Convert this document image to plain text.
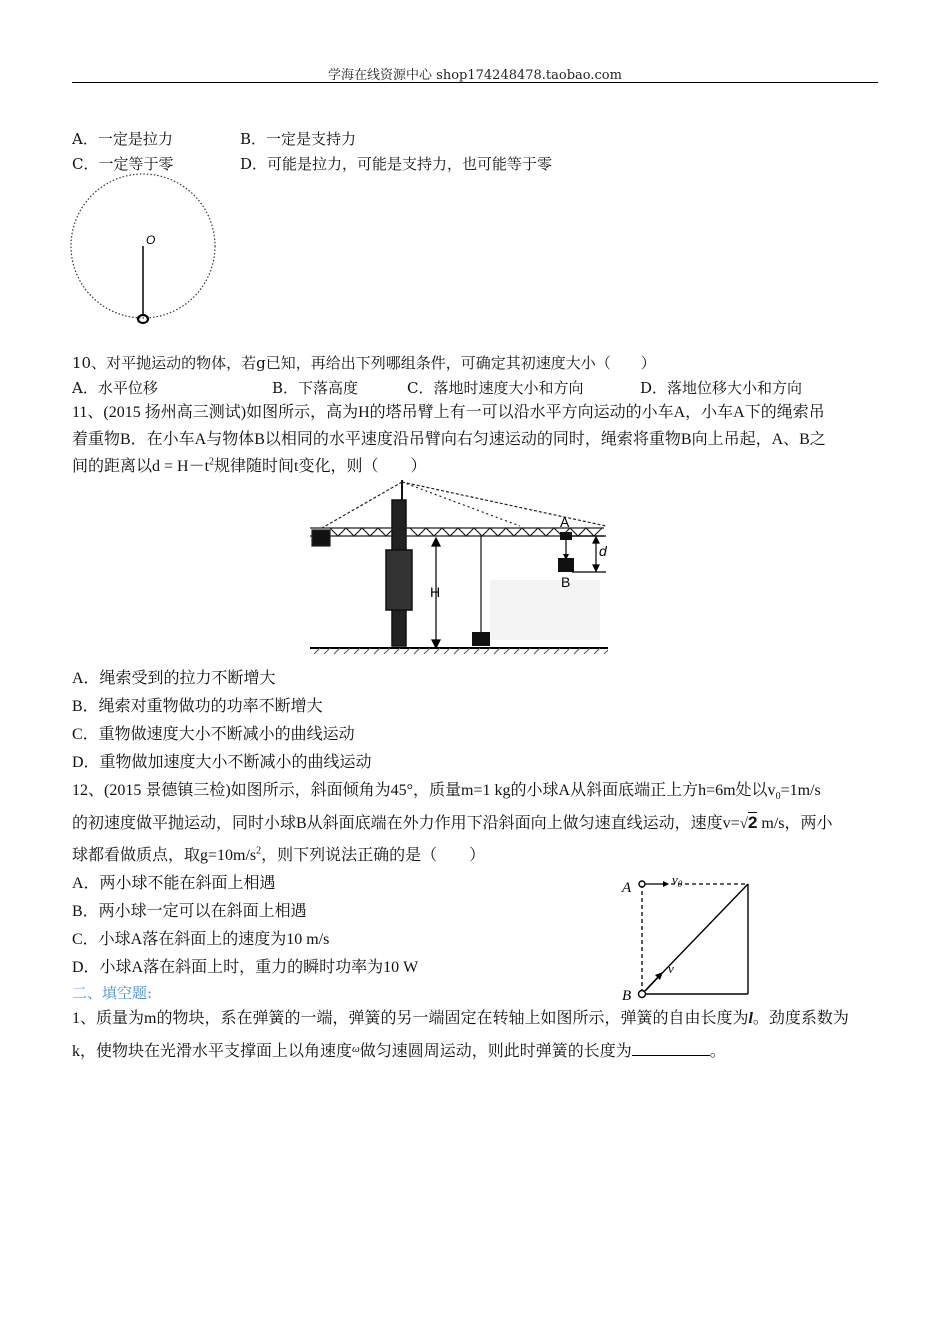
学海在线资源中心 shop174248478.taobao.com
A．一定是拉力	B．一定是支持力
C．一定等于零	D．可能是拉力，可能是支持力，也可能等于零
O
10、对平抛运动的物体，若g已知，再给出下列哪组条件，可确定其初速度大小（　　）
A．水平位移	B．下落高度	C．落地时速度大小和方向	D．落地位移大小和方向
11、(2015 扬州高三测试)如图所示，高为H的塔吊臂上有一可以沿水平方向运动的小车A，小车A下的绳索吊
着重物B．在小车A与物体B以相同的水平速度沿吊臂向右匀速运动的同时，绳索将重物B向上吊起，A、B之
间的距离以$d = H-t^2$规律随时间t变化，则（　　）
H
A
B
d
A．绳索受到的拉力不断增大
B．绳索对重物做功的功率不断增大
C．重物做速度大小不断减小的曲线运动
D．重物做加速度大小不断减小的曲线运动
12、(2015 景德镇三检)如图所示，斜面倾角为45°，质量m=1 kg的小球A从斜面底端正上方h=6m处以$v_0=1m/s$
的初速度做平抛运动，同时小球B从斜面底端在外力作用下沿斜面向上做匀速直线运动，速度v=√2 m/s，两小
球都看做质点，取$g=10m/s^2$，则下列说法正确的是（　　）
A．两小球不能在斜面上相遇
B．两小球一定可以在斜面上相遇
C．小球A落在斜面上的速度为10 m/s
D．小球A落在斜面上时，重力的瞬时功率为10 W
A
B
$v_0$
v
二、填空题:
1、质量为m的物块，系在弹簧的一端，弹簧的另一端固定在转轴上如图所示，弹簧的自由长度为l。劲度系数为
k，使物块在光滑水平支撑面上以角速度$^\omega$做匀速圆周运动，则此时弹簧的长度为	。
